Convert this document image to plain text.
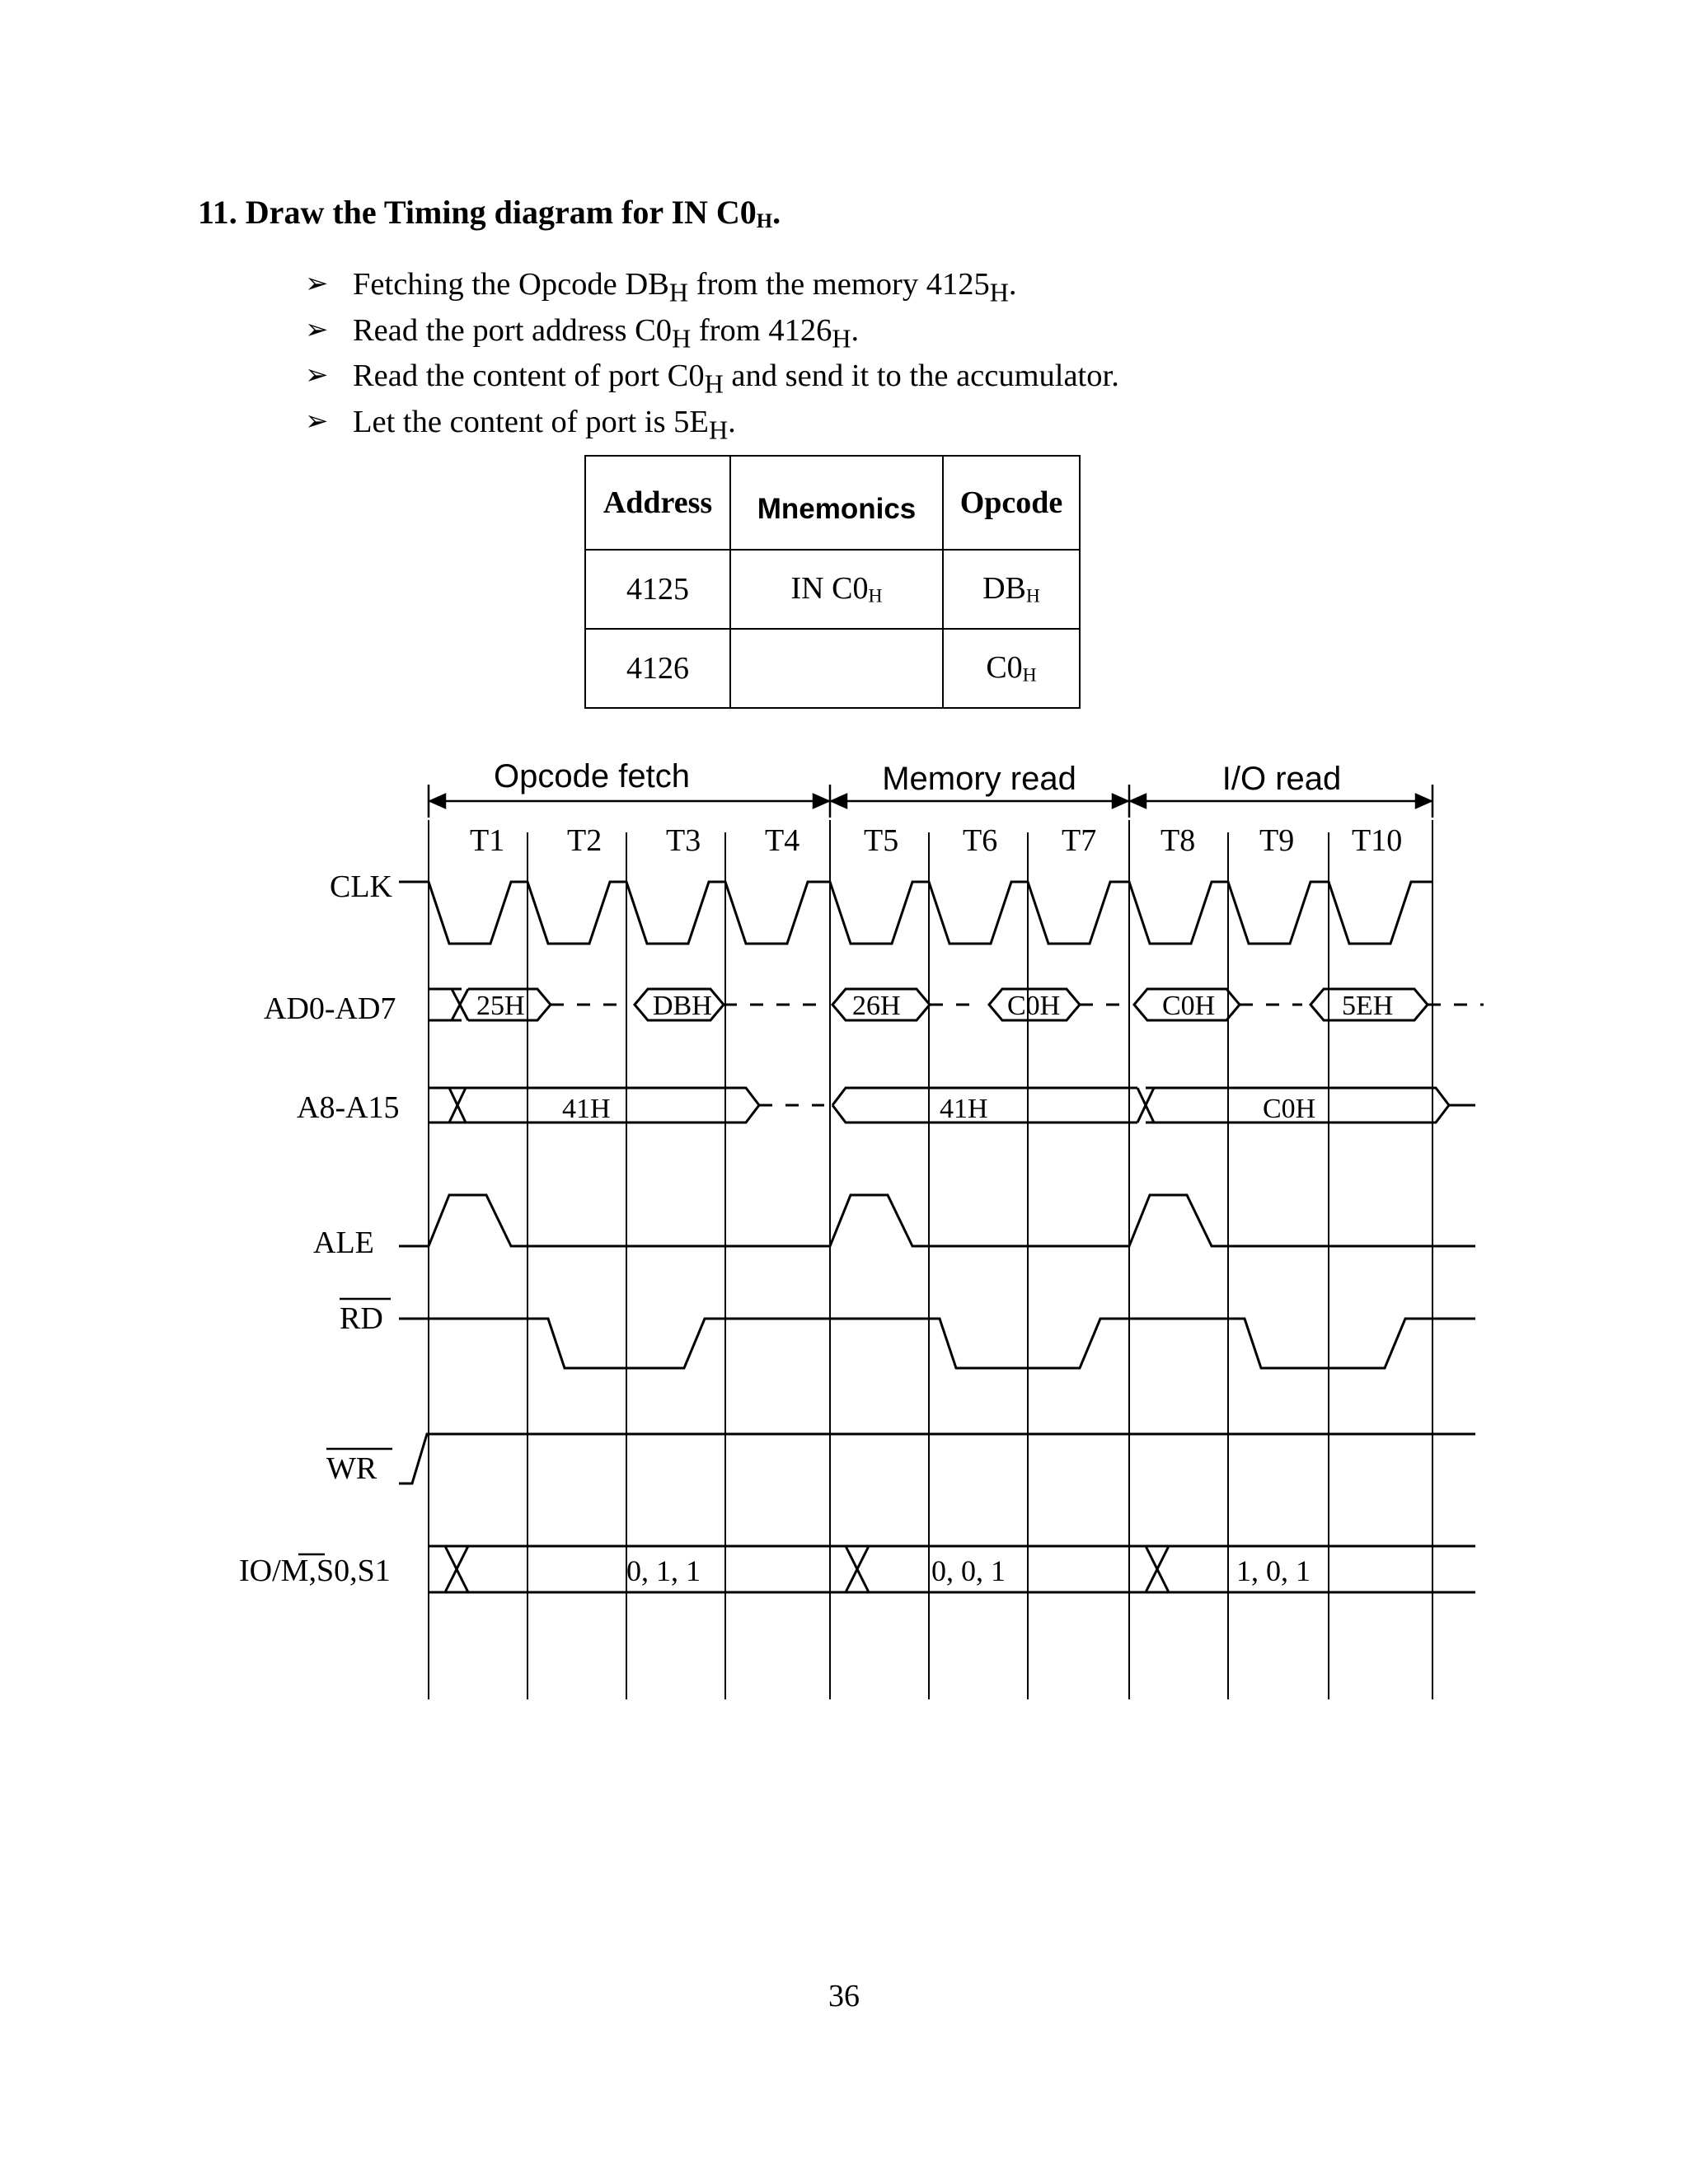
11. Draw the Timing diagram for IN $C0_H$.
➢ Fetching the Opcode $DB_H$ from the memory $4125_H$.
➢ Read the port address $C0_H$ from $4126_H$.
➢ Read the content of port $C0_H$ and send it to the accumulator.
➢ Let the content of port is $5E_H$.
Address	Mnemonics	Opcode
4125	IN $C0_H$	$DB_H$
4126		$C0_H$
Opcode fetch	Memory read	I/O read
T1 T2 T3 T4 T5 T6 T7 T8 T9 T10
CLK
AD0-AD7
A8-A15
ALE
RD
WR
IO/M,S0,S1
25H	DBH	26H	C0H	C0H	5EH
41H	41H	C0H
0, 1, 1	0, 0, 1	1, 0, 1
36
